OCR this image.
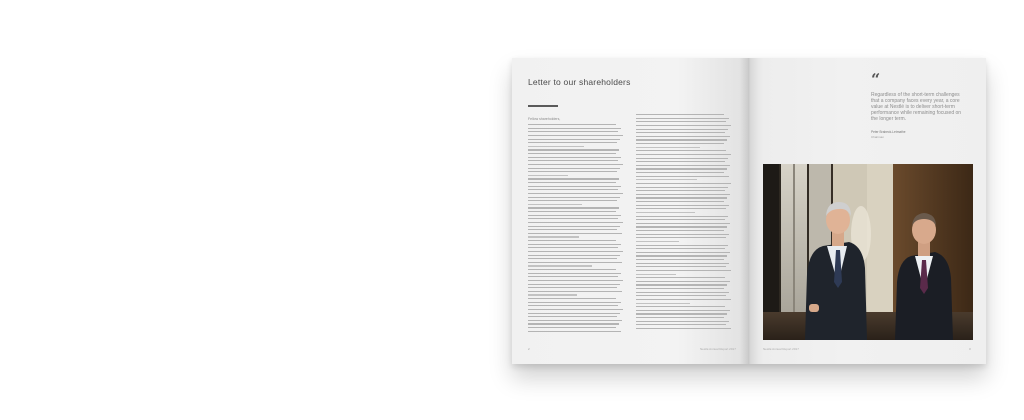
Letter to our shareholders
Fellow shareholders,
2	Nestlé Annual Report 2017
“
Regardless of the short-term challenges that a company faces every year, a core value at Nestlé is to deliver short-term performance while remaining focused on the longer term.
Peter Brabeck-Letmathe
Chairman
Nestlé Annual Report 2017	3
